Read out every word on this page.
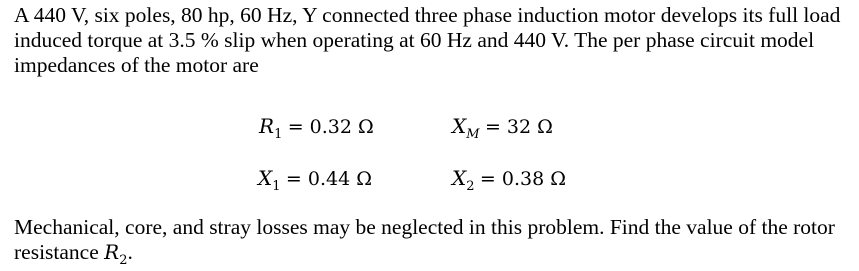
A 440 V, six poles, 80 hp, 60 Hz, Y connected three phase induction motor develops its full load induced torque at 3.5 % slip when operating at 60 Hz and 440 V. The per phase circuit model impedances of the motor are

$R_1 = 0.32$ Ω	$X_M = 32$ Ω
$X_1 = 0.44$ Ω	$X_2 = 0.38$ Ω

Mechanical, core, and stray losses may be neglected in this problem. Find the value of the rotor resistance $R_2$.
